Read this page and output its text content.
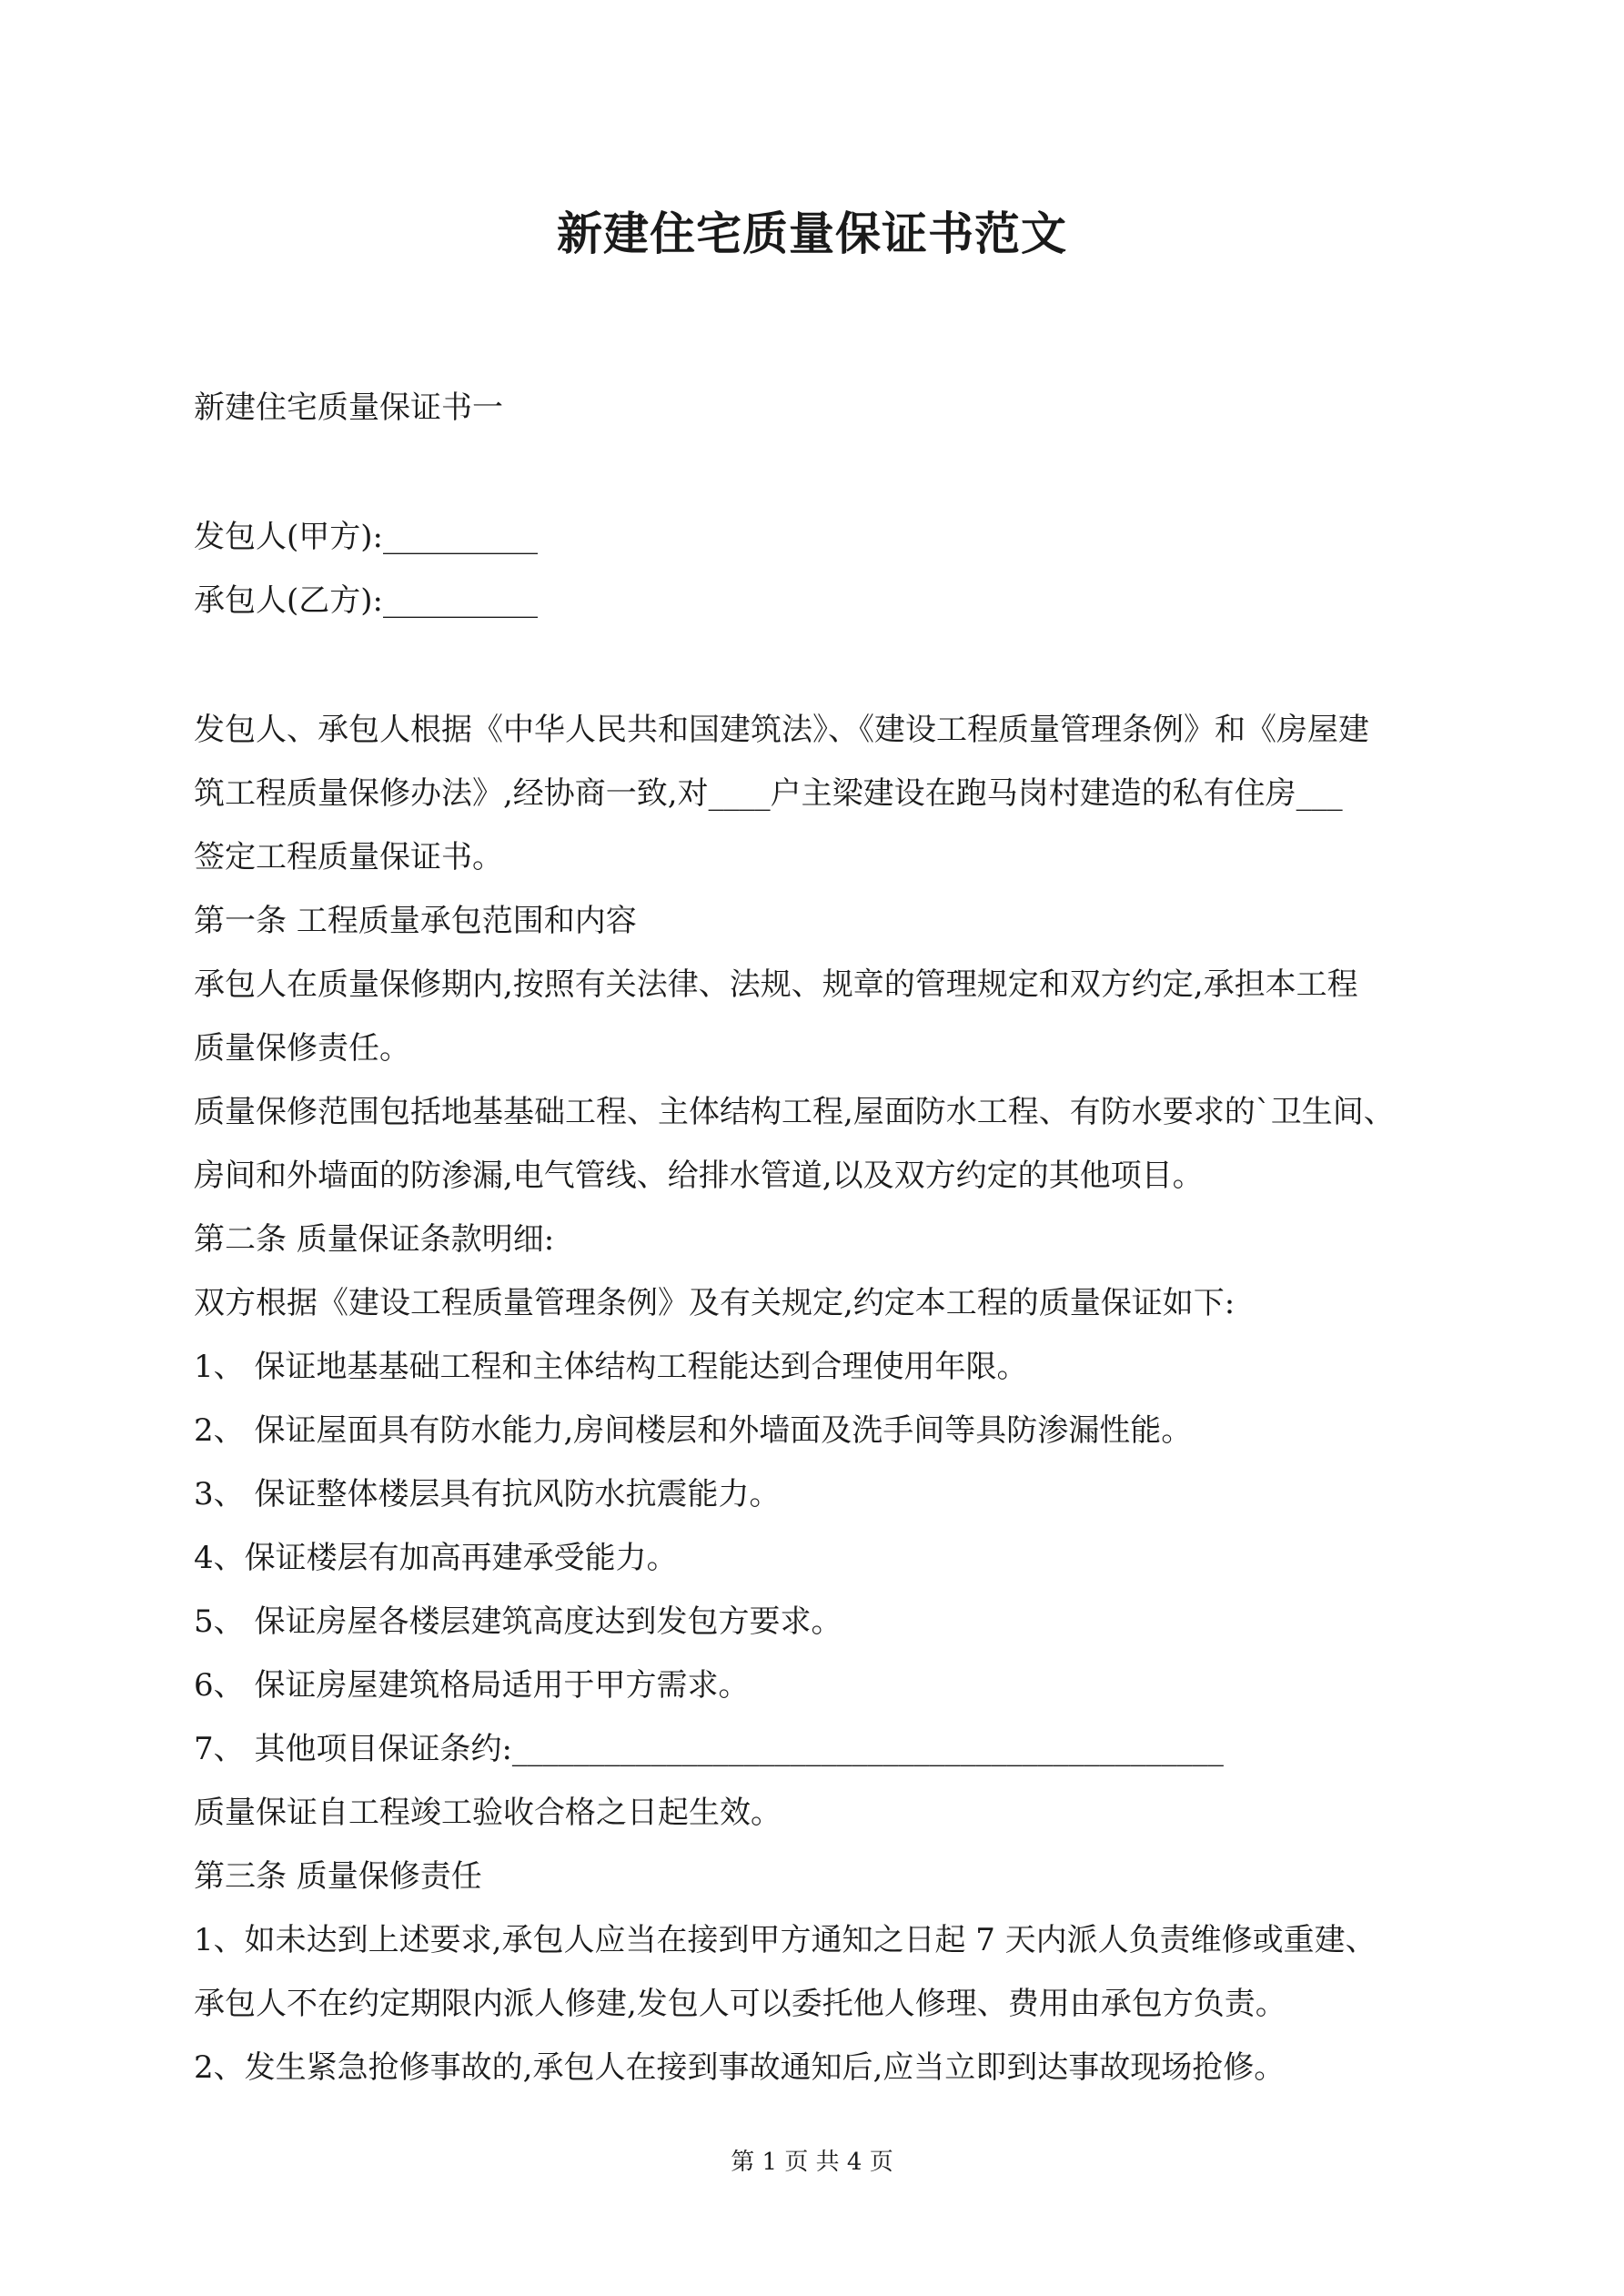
新建住宅质量保证书范文
新建住宅质量保证书一
发包人(甲方):__________
承包人(乙方):__________
发包人、承包人根据《中华人民共和国建筑法》、《建设工程质量管理条例》和《房屋建
筑工程质量保修办法》,经协商一致,对____户主梁建设在跑马岗村建造的私有住房___
签定工程质量保证书。
第一条 工程质量承包范围和内容
承包人在质量保修期内,按照有关法律、法规、规章的管理规定和双方约定,承担本工程
质量保修责任。
质量保修范围包括地基基础工程、主体结构工程,屋面防水工程、有防水要求的`卫生间、
房间和外墙面的防渗漏,电气管线、给排水管道,以及双方约定的其他项目。
第二条 质量保证条款明细:
双方根据《建设工程质量管理条例》及有关规定,约定本工程的质量保证如下:
1、 保证地基基础工程和主体结构工程能达到合理使用年限。
2、 保证屋面具有防水能力,房间楼层和外墙面及洗手间等具防渗漏性能。
3、 保证整体楼层具有抗风防水抗震能力。
4、保证楼层有加高再建承受能力。
5、 保证房屋各楼层建筑高度达到发包方要求。
6、 保证房屋建筑格局适用于甲方需求。
7、 其他项目保证条约:______________________________________________
质量保证自工程竣工验收合格之日起生效。
第三条 质量保修责任
1、如未达到上述要求,承包人应当在接到甲方通知之日起 7 天内派人负责维修或重建、
承包人不在约定期限内派人修建,发包人可以委托他人修理、费用由承包方负责。
2、发生紧急抢修事故的,承包人在接到事故通知后,应当立即到达事故现场抢修。
第 1 页 共 4 页
